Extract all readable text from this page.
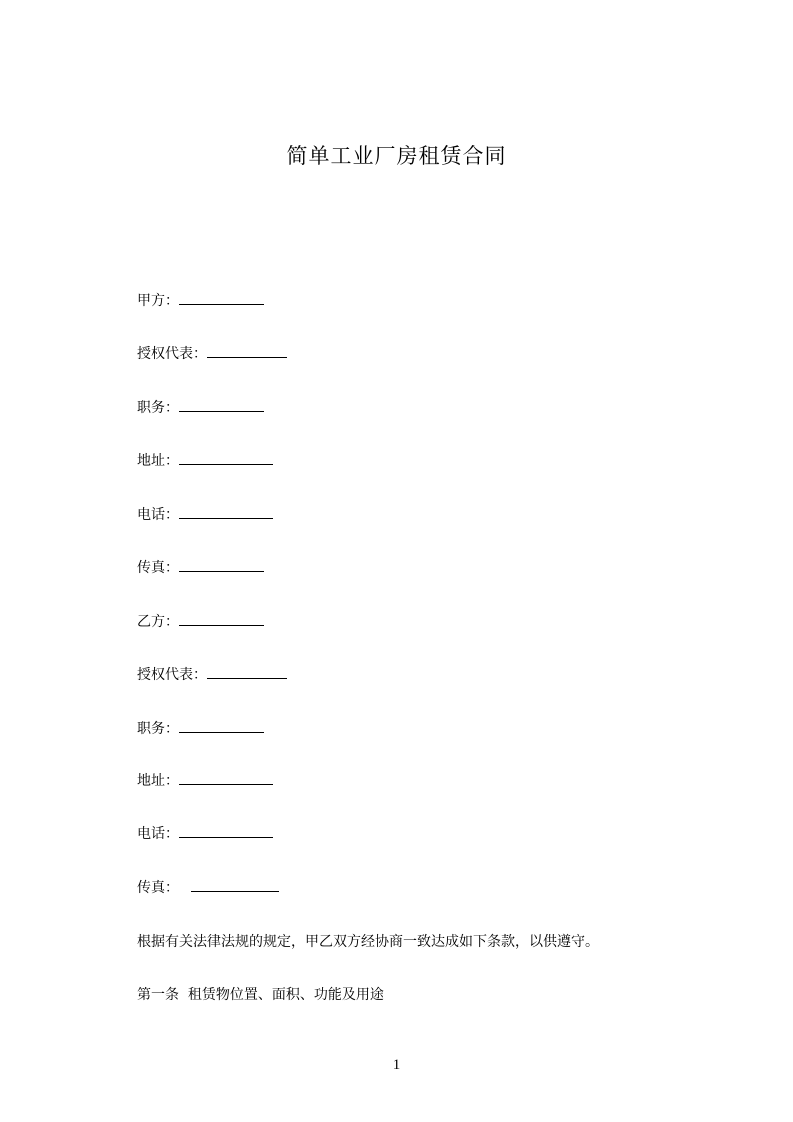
简单工业厂房租赁合同
甲方：
授权代表：
职务：
地址：
电话：
传真：
乙方：
授权代表：
职务：
地址：
电话：
传真：
根据有关法律法规的规定，甲乙双方经协商一致达成如下条款，以供遵守。
第一条  租赁物位置、面积、功能及用途
1
